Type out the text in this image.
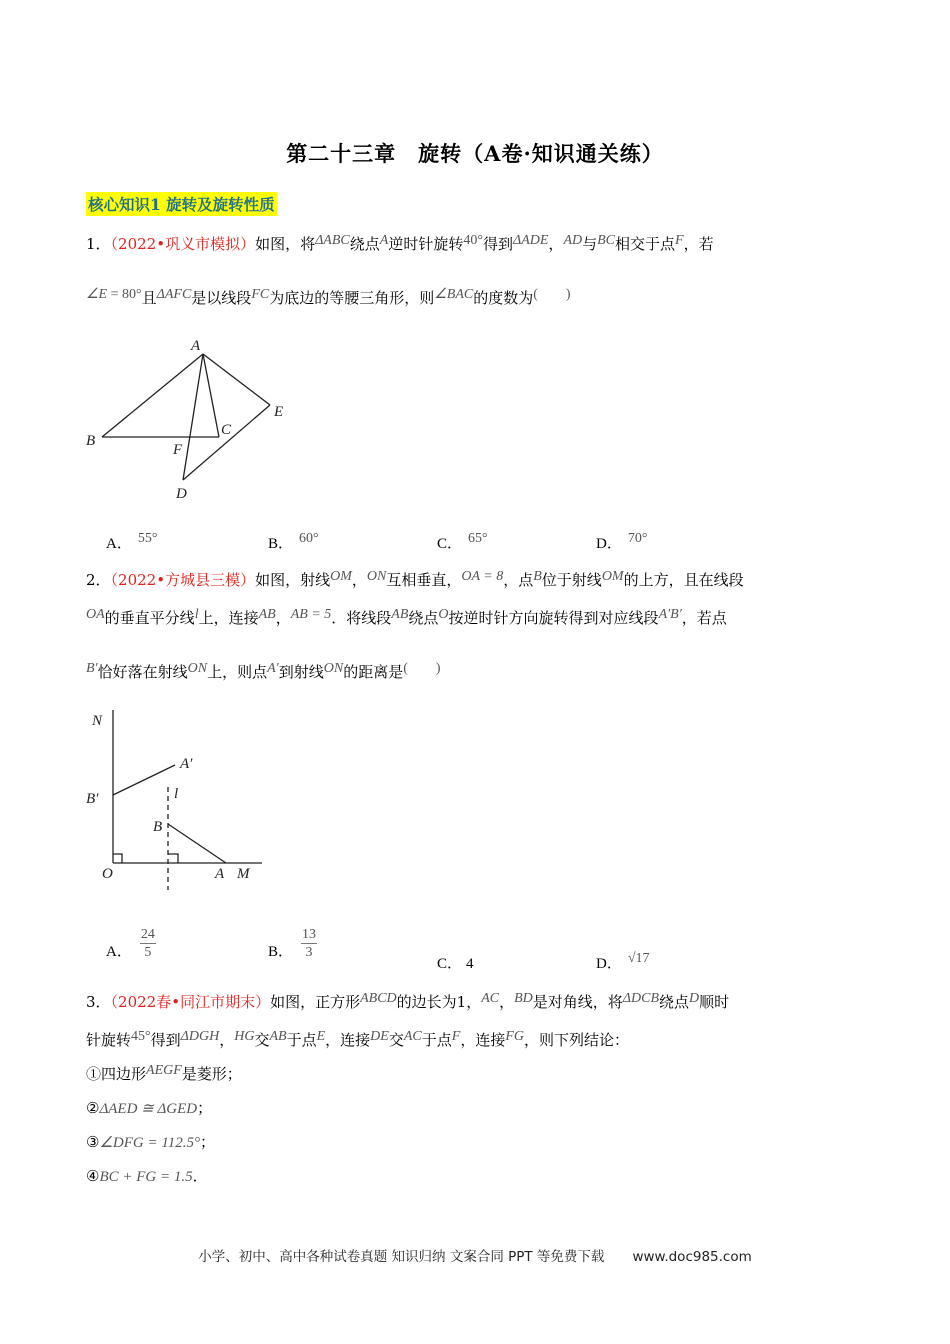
第二十三章　旋转（A卷·知识通关练）
核心知识1 旋转及旋转性质
1．（2022•巩义市模拟）如图，将ΔABC绕点A逆时针旋转40°得到ΔADE，AD与BC相交于点F，若
∠E = 80°且ΔAFC是以线段FC为底边的等腰三角形，则∠BAC的度数为(　　)
A
B
C
D
E
F
A． 55°	B． 60°	C． 65°	D． 70°
2．（2022•方城县三模）如图，射线OM，ON互相垂直，OA = 8，点B位于射线OM的上方，且在线段
OA的垂直平分线l上，连接AB，AB = 5．将线段AB绕点O按逆时针方向旋转得到对应线段A′B′，若点
B′恰好落在射线ON上，则点A′到射线ON的距离是(　　)
N
A′
B′	l
B
O	A M
A． $\frac{24}{5}$	B． $\frac{13}{3}$
C． 4	D． √17
3．（2022春•同江市期末）如图，正方形ABCD的边长为1，AC，BD是对角线，将ΔDCB绕点D顺时
针旋转45°得到ΔDGH，HG交AB于点E，连接DE交AC于点F，连接FG，则下列结论：
①四边形AEGF是菱形；
②ΔAED ≅ ΔGED；
③∠DFG = 112.5°；
④BC + FG = 1.5．
小学、初中、高中各种试卷真题 知识归纳 文案合同 PPT 等免费下载 www.doc985.com
